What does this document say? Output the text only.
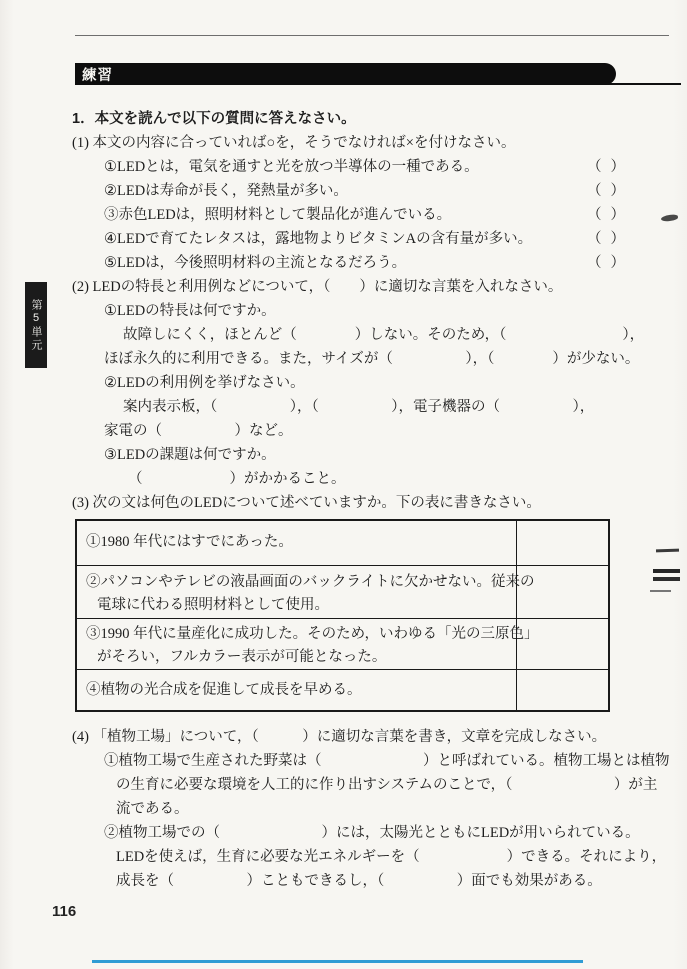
練習
第5単元
1．本文を読んで以下の質問に答えなさい。
(1) 本文の内容に合っていれば○を，そうでなければ×を付けなさい。
①LEDとは，電気を通すと光を放つ半導体の一種である。	（ ）
②LEDは寿命が長く，発熱量が多い。	（ ）
③赤色LEDは，照明材料として製品化が進んでいる。	（ ）
④LEDで育てたレタスは，露地物よりビタミンAの含有量が多い。	（ ）
⑤LEDは，今後照明材料の主流となるだろう。	（ ）
(2) LEDの特長と利用例などについて，（　　）に適切な言葉を入れなさい。
①LEDの特長は何ですか。
故障しにくく，ほとんど（　　　　）しない。そのため，（　　　　　　　　），
ほぼ永久的に利用できる。また，サイズが（　　　　　），（　　　　）が少ない。
②LEDの利用例を挙げなさい。
案内表示板，（　　　　　），（　　　　　），電子機器の（　　　　　），
家電の（　　　　　）など。
③LEDの課題は何ですか。
（　　　　　　）がかかること。
(3) 次の文は何色のLEDについて述べていますか。下の表に書きなさい。
①1980 年代にはすでにあった。	

②パソコンやテレビの液晶画面のバックライトに欠かせない。従来の
電球に代わる照明材料として使用。	

③1990 年代に量産化に成功した。そのため，いわゆる「光の三原色」
がそろい，フルカラー表示が可能となった。	

④植物の光合成を促進して成長を早める。	

(4) 「植物工場」について，（　　　）に適切な言葉を書き，文章を完成しなさい。
①植物工場で生産された野菜は（　　　　　　　）と呼ばれている。植物工場とは植物
の生育に必要な環境を人工的に作り出すシステムのことで，（　　　　　　　）が主
流である。
②植物工場での（　　　　　　　）には，太陽光とともにLEDが用いられている。
LEDを使えば，生育に必要な光エネルギーを（　　　　　　）できる。それにより，
成長を（　　　　　）こともできるし，（　　　　　）面でも効果がある。
116
